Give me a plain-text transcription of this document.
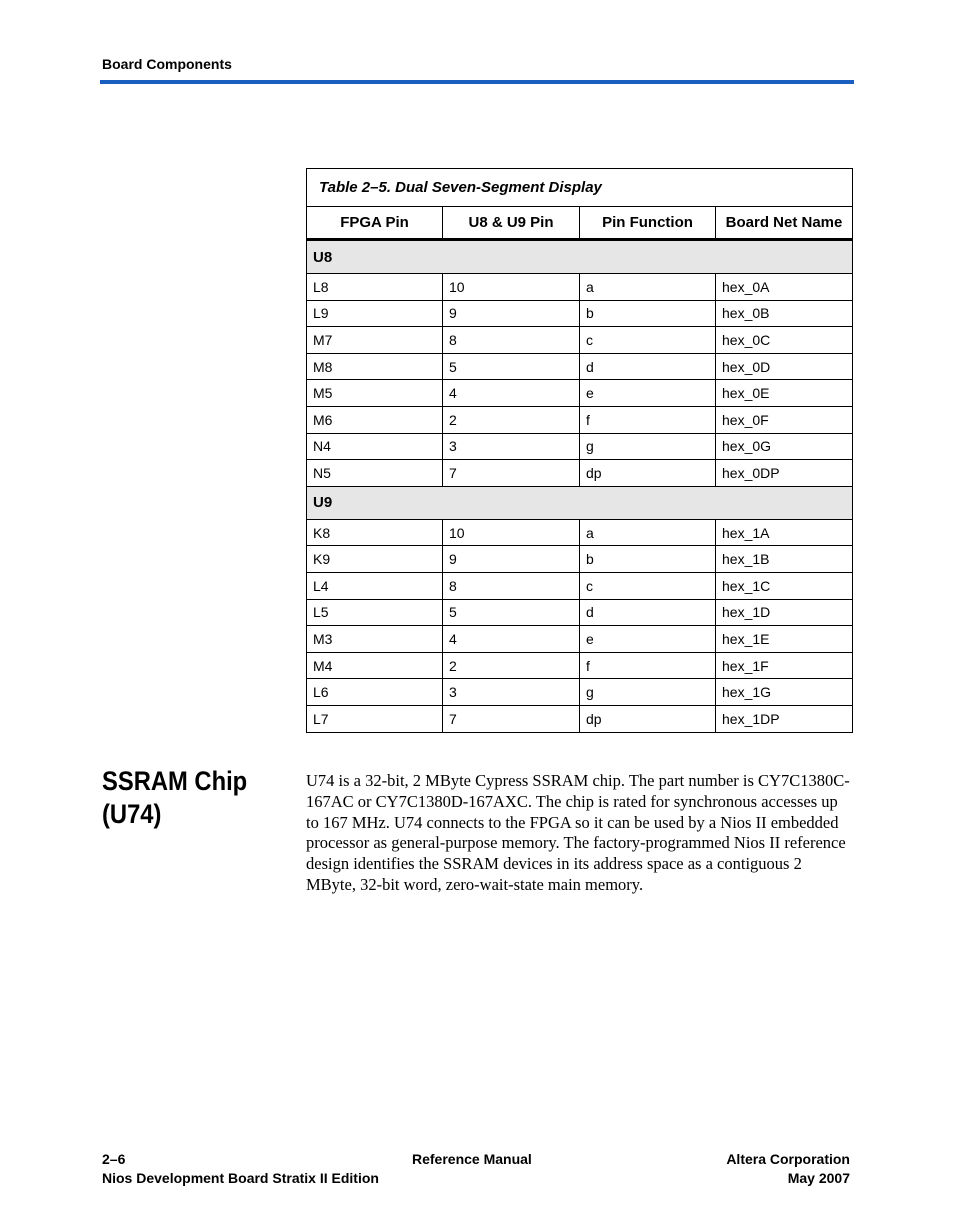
Board Components
Table 2–5. Dual Seven-Segment Display			
FPGA Pin	U8 & U9 Pin	Pin Function	Board Net Name
U8			
L8	10	a	hex_0A
L9	9	b	hex_0B
M7	8	c	hex_0C
M8	5	d	hex_0D
M5	4	e	hex_0E
M6	2	f	hex_0F
N4	3	g	hex_0G
N5	7	dp	hex_0DP
U9			
K8	10	a	hex_1A
K9	9	b	hex_1B
L4	8	c	hex_1C
L5	5	d	hex_1D
M3	4	e	hex_1E
M4	2	f	hex_1F
L6	3	g	hex_1G
L7	7	dp	hex_1DP
SSRAM Chip
(U74)
U74 is a 32-bit, 2 MByte Cypress SSRAM chip. The part number is CY7C1380C-167AC or CY7C1380D-167AXC. The chip is rated for synchronous accesses up to 167 MHz. U74 connects to the FPGA so it can be used by a Nios II embedded processor as general-purpose memory. The factory-programmed Nios II reference design identifies the SSRAM devices in its address space as a contiguous 2 MByte, 32-bit word, zero-wait-state main memory.
2–6
Nios Development Board Stratix II Edition
Reference Manual	Altera Corporation
May 2007
